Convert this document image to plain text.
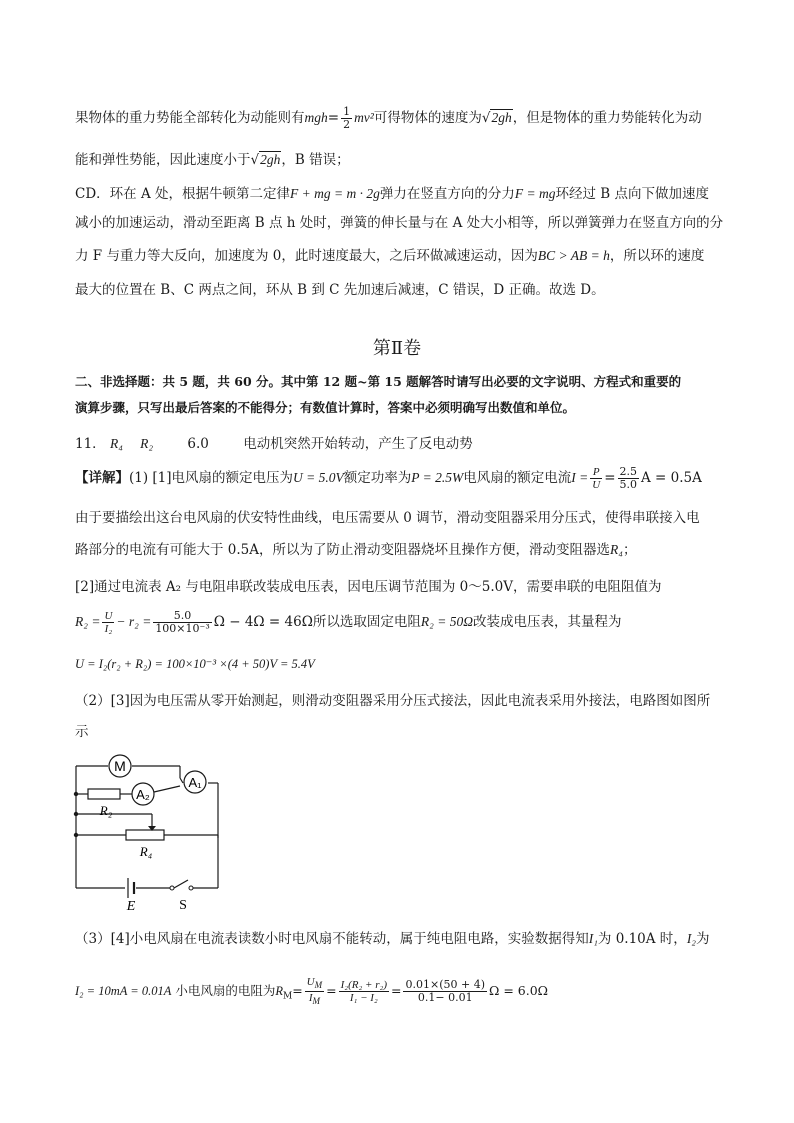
果物体的重力势能全部转化为动能则有$mgh= \frac{1}{2} mv^2$可得物体的速度为√2gh，但是物体的重力势能转化为动
能和弹性势能，因此速度小于√2gh，B 错误；
CD．环在 A 处，根据牛顿第二定律F + mg = m · 2g弹力在竖直方向的分力F = mg环经过 B 点向下做加速度
减小的加速运动，滑动至距离 B 点 h 处时，弹簧的伸长量与在 A 处大小相等，所以弹簧弹力在竖直方向的分
力 F 与重力等大反向，加速度为 0，此时速度最大，之后环做减速运动，因为BC > AB = h，所以环的速度
最大的位置在 B、C 两点之间，环从 B 到 C 先加速后减速，C 错误，D 正确。故选 D。
第Ⅱ卷
二、非选择题：共 5 题，共 60 分。其中第 12 题~第 15 题解答时请写出必要的文字说明、方程式和重要的
演算步骤，只写出最后答案的不能得分；有数值计算时，答案中必须明确写出数值和单位。
11． R₄ R₂	6.0	电动机突然开始转动，产生了反电动势
【详解】(1) [1]电风扇的额定电压为U = 5.0V额定功率为P = 2.5W电风扇的额定电流$I = \frac{P}{U} = \frac{2.5}{5.0}$ A = 0.5A
由于要描绘出这台电风扇的伏安特性曲线，电压需要从 0 调节，滑动变阻器采用分压式，使得串联接入电
路部分的电流有可能大于 0.5A，所以为了防止滑动变阻器烧坏且操作方便，滑动变阻器选R₄；
[2]通过电流表 A₂ 与电阻串联改装成电压表，因电压调节范围为 0～5.0V，需要串联的电阻阻值为
$R_2 = \frac{U}{\text{I₂}} - r_2 = \frac{5.0}{\text{100×10⁻³}}$ Ω − 4Ω = 46Ω所以选取固定电阻R₂ = 50Ω改装成电压表，其量程为
U = I₂(r₂ + R₂) = 100×10⁻³ ×(4 + 50)V = 5.4V
（2）[3]因为电压需从零开始测起，则滑动变阻器采用分压式接法，因此电流表采用外接法，电路图如图所
示
M
A₁
R₂
A₂
R₄
E	S
（3）[4]小电风扇在电流表读数小时电风扇不能转动，属于纯电阻电路，实验数据得知I₁为 0.10A 时，I₂为
I₂ = 10mA = 0.01A 小电风扇的电阻为$R_M= \frac{U_M}{I_M} = \frac{\text{I₂(R₂ + r₂)}}{\text{I₁ − I₂}} = \frac{0.01\times(50 + 4)}{0.1- 0.01}$ Ω = 6.0Ω
